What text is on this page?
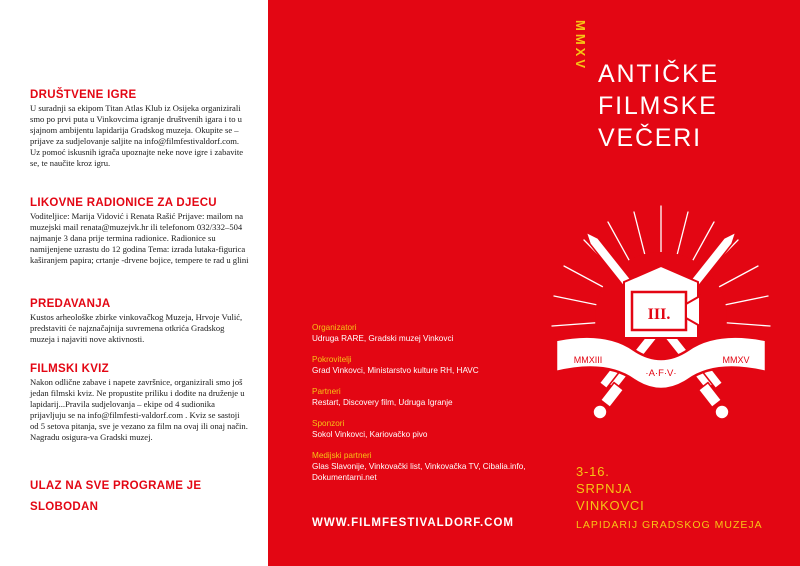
DRUŠTVENE IGRE

U suradnji sa ekipom Titan Atlas Klub iz Osijeka organizirali smo po prvi puta u Vinkovcima igranje društvenih igara i to u sjajnom ambijentu lapidarija Gradskog muzeja. Okupite se – prijave za sudjelovanje saljite na info@filmfestivaldorf.com. Uz pomoć iskusnih igrača upoznajte neke nove igre i zabavite se, te naučite kroz igru.

LIKOVNE RADIONICE ZA DJECU

Voditeljice: Marija Vidović i Renata Rašić Prijave: mailom na muzejski mail renata@muzejvk.hr ili telefonom 032/332–504 najmanje 3 dana prije termina radionice. Radionice su namijenjene uzrastu do 12 godina Tema: izrada lutaka-figurica kaširanjem papira; crtanje -drvene bojice, tempere te rad u glini

PREDAVANJA

Kustos arheološke zbirke vinkovačkog Muzeja, Hrvoje Vulić, predstaviti će najznačajnija suvremena otkrića Gradskog muzeja i najaviti nove aktivnosti.

FILMSKI KVIZ

Nakon odlične zabave i napete završnice, organizirali smo još jedan filmski kviz. Ne propustite priliku i dođite na druženje u lapidarij...Pravila sudjelovanja – ekipe od 4 sudionika prijavljuju se na info@filmfesti-valdorf.com . Kviz se sastoji od 5 setova pitanja, sve je vezano za film na ovaj ili onaj način. Nagradu osigura-va Gradski muzej.

ULAZ NA SVE PROGRAME JE SLOBODAN
MMXV
ANTIČKE
FILMSKE
VEČERI
III.
MMXIII
·A·F·V·
MMXV
Organizatori
Udruga RARE, Gradski muzej Vinkovci
Pokrovitelji
Grad Vinkovci, Ministarstvo kulture RH, HAVC
Partneri
Restart, Discovery film, Udruga Igranje
Sponzori
Sokol Vinkovci, Kariovačko pivo
Medijski partneri
Glas Slavonije, Vinkovački list, Vinkovačka TV, Cibalia.info, Dokumentarni.net	3-16.
SRPNJA
VINKOVCI
WWW.FILMFESTIVALDORF.COM	LAPIDARIJ GRADSKOG MUZEJA
